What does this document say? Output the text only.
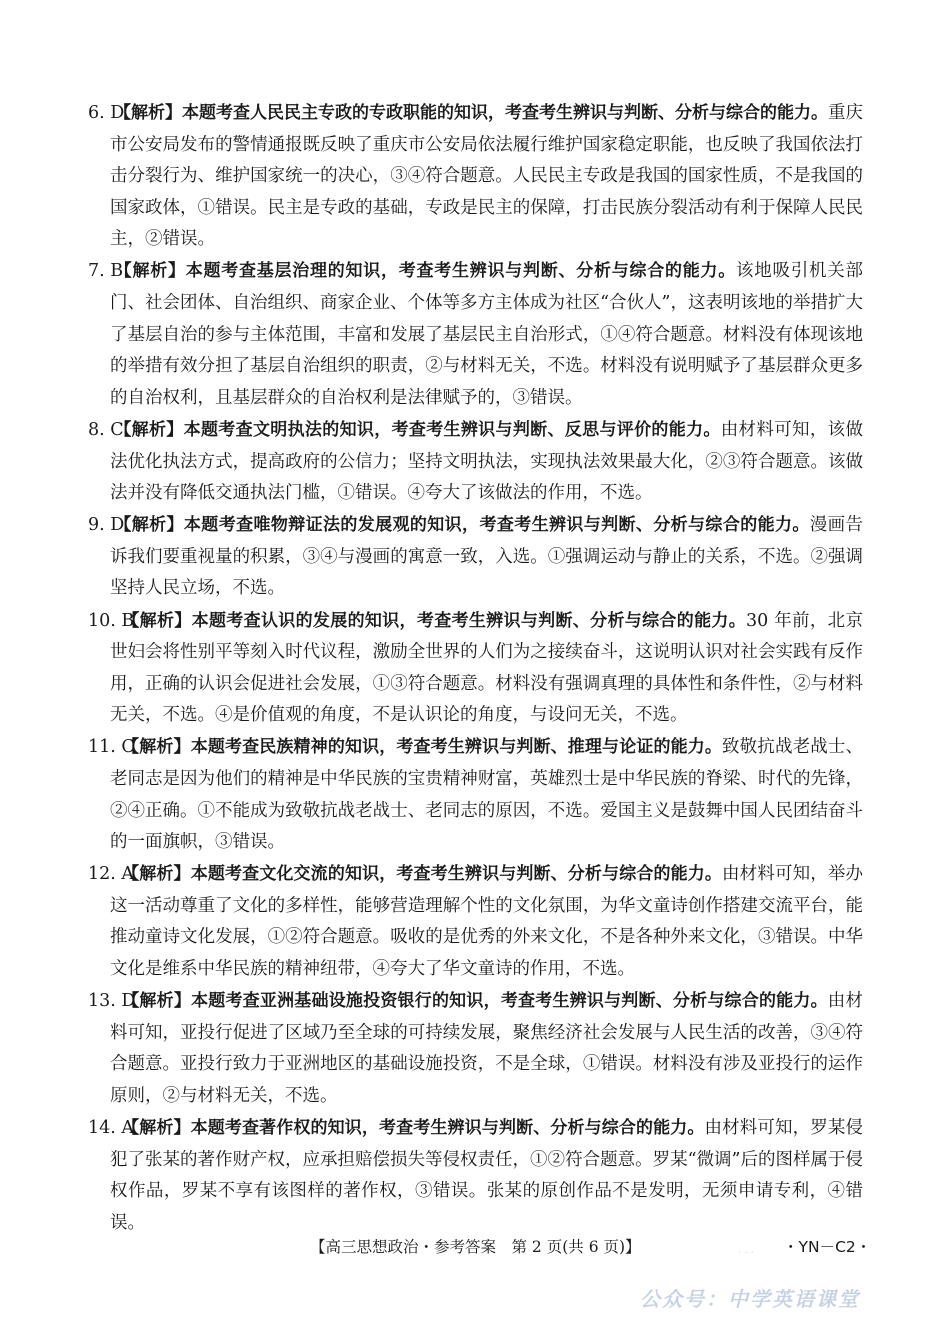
6. D
【解析】本题考查人民民主专政的专政职能的知识，考查考生辨识与判断、分析与综合的能力。重庆市公安局发布的警情通报既反映了重庆市公安局依法履行维护国家稳定职能，也反映了我国依法打击分裂行为、维护国家统一的决心，③④符合题意。人民民主专政是我国的国家性质，不是我国的国家政体，①错误。民主是专政的基础，专政是民主的保障，打击民族分裂活动有利于保障人民民主，②错误。
7. B
【解析】本题考查基层治理的知识，考查考生辨识与判断、分析与综合的能力。该地吸引机关部门、社会团体、自治组织、商家企业、个体等多方主体成为社区“合伙人”，这表明该地的举措扩大了基层自治的参与主体范围，丰富和发展了基层民主自治形式，①④符合题意。材料没有体现该地的举措有效分担了基层自治组织的职责，②与材料无关，不选。材料没有说明赋予了基层群众更多的自治权利，且基层群众的自治权利是法律赋予的，③错误。
8. C
【解析】本题考查文明执法的知识，考查考生辨识与判断、反思与评价的能力。由材料可知，该做法优化执法方式，提高政府的公信力；坚持文明执法，实现执法效果最大化，②③符合题意。该做法并没有降低交通执法门槛，①错误。④夸大了该做法的作用，不选。
9. D
【解析】本题考查唯物辩证法的发展观的知识，考查考生辨识与判断、分析与综合的能力。漫画告诉我们要重视量的积累，③④与漫画的寓意一致，入选。①强调运动与静止的关系，不选。②强调坚持人民立场，不选。
10. B
【解析】本题考查认识的发展的知识，考查考生辨识与判断、分析与综合的能力。30 年前，北京世妇会将性别平等刻入时代议程，激励全世界的人们为之接续奋斗，这说明认识对社会实践有反作用，正确的认识会促进社会发展，①③符合题意。材料没有强调真理的具体性和条件性，②与材料无关，不选。④是价值观的角度，不是认识论的角度，与设问无关，不选。
11. C
【解析】本题考查民族精神的知识，考查考生辨识与判断、推理与论证的能力。致敬抗战老战士、老同志是因为他们的精神是中华民族的宝贵精神财富，英雄烈士是中华民族的脊梁、时代的先锋，②④正确。①不能成为致敬抗战老战士、老同志的原因，不选。爱国主义是鼓舞中国人民团结奋斗的一面旗帜，③错误。
12. A
【解析】本题考查文化交流的知识，考查考生辨识与判断、分析与综合的能力。由材料可知，举办这一活动尊重了文化的多样性，能够营造理解个性的文化氛围，为华文童诗创作搭建交流平台，能推动童诗文化发展，①②符合题意。吸收的是优秀的外来文化，不是各种外来文化，③错误。中华文化是维系中华民族的精神纽带，④夸大了华文童诗的作用，不选。
13. D
【解析】本题考查亚洲基础设施投资银行的知识，考查考生辨识与判断、分析与综合的能力。由材料可知，亚投行促进了区域乃至全球的可持续发展，聚焦经济社会发展与人民生活的改善，③④符合题意。亚投行致力于亚洲地区的基础设施投资，不是全球，①错误。材料没有涉及亚投行的运作原则，②与材料无关，不选。
14. A
【解析】本题考查著作权的知识，考查考生辨识与判断、分析与综合的能力。由材料可知，罗某侵犯了张某的著作财产权，应承担赔偿损失等侵权责任，①②符合题意。罗某“微调”后的图样属于侵权作品，罗某不享有该图样的著作权，③错误。张某的原创作品不是发明，无须申请专利，④错误。
· · ·
【高三思想政治・参考答案　第 2 页(共 6 页)】	・YN－C2・
公众号：中学英语课堂
